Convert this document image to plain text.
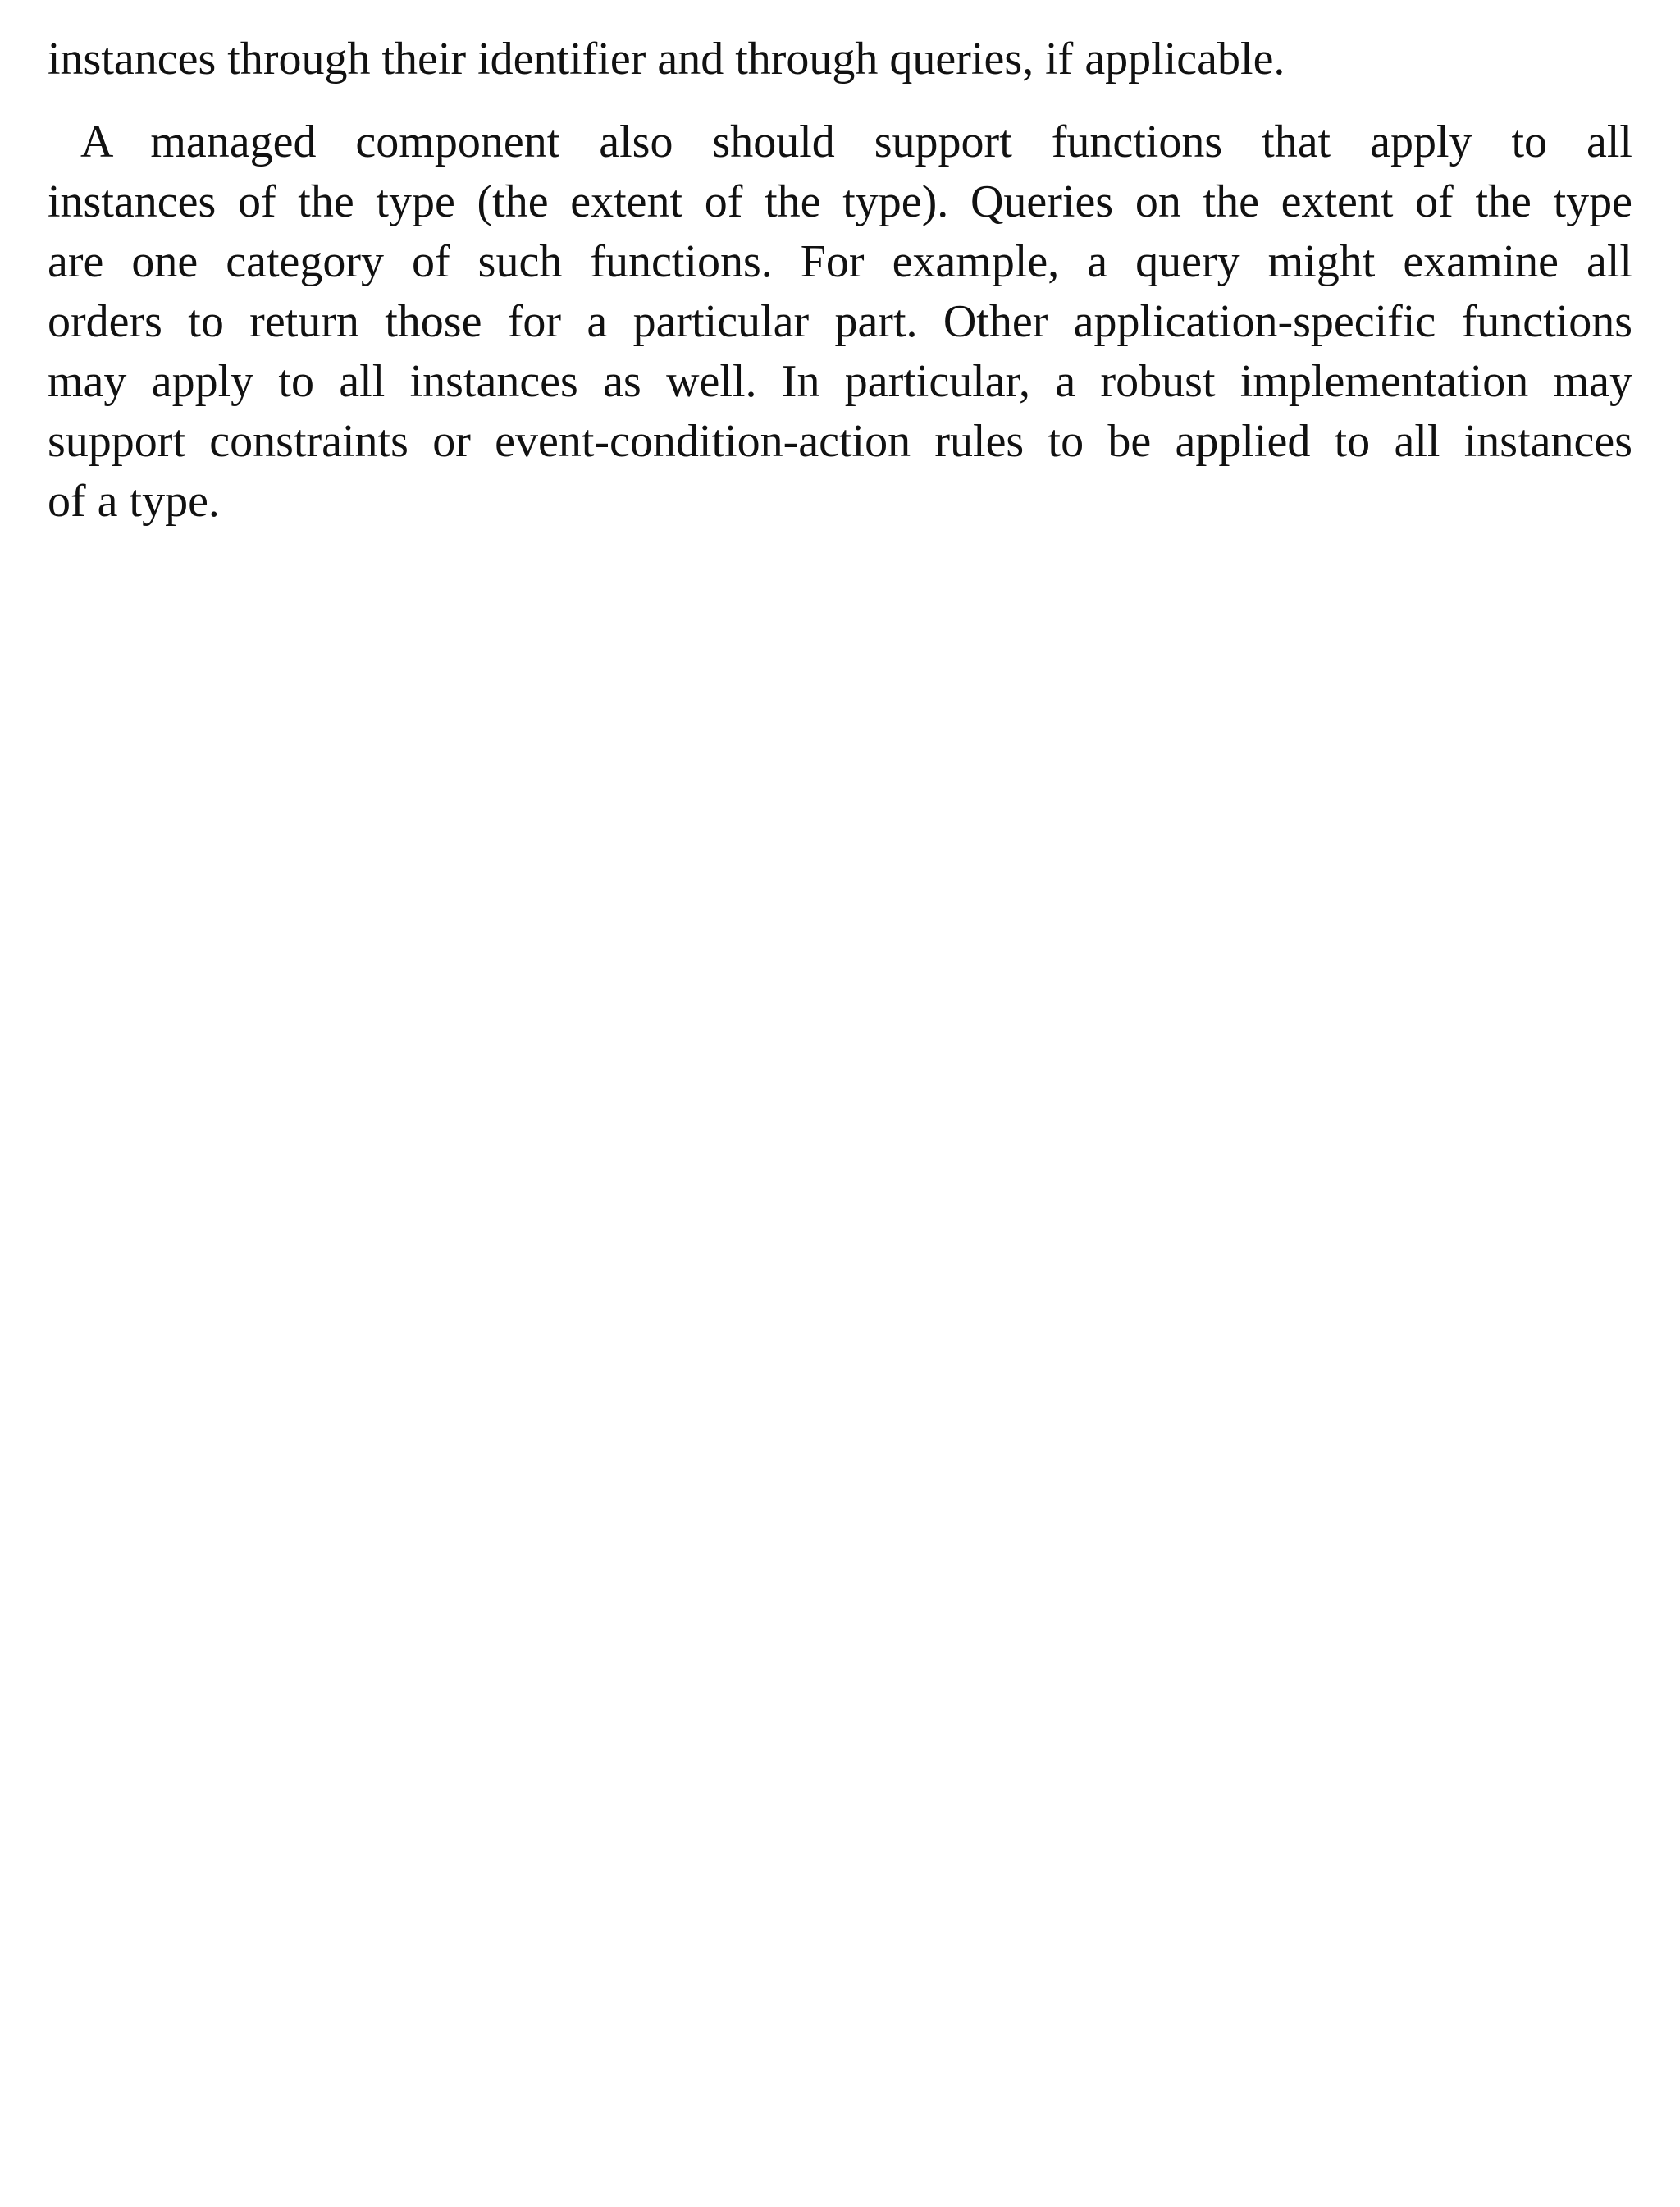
instances through their identifier and through queries, if applicable.
A managed component also should support functions that apply to all
instances of the type (the extent of the type). Queries on the extent of the type
are one category of such functions. For example, a query might examine all
orders to return those for a particular part. Other application-specific functions
may apply to all instances as well. In particular, a robust implementation may
support constraints or event-condition-action rules to be applied to all instances
of a type.
